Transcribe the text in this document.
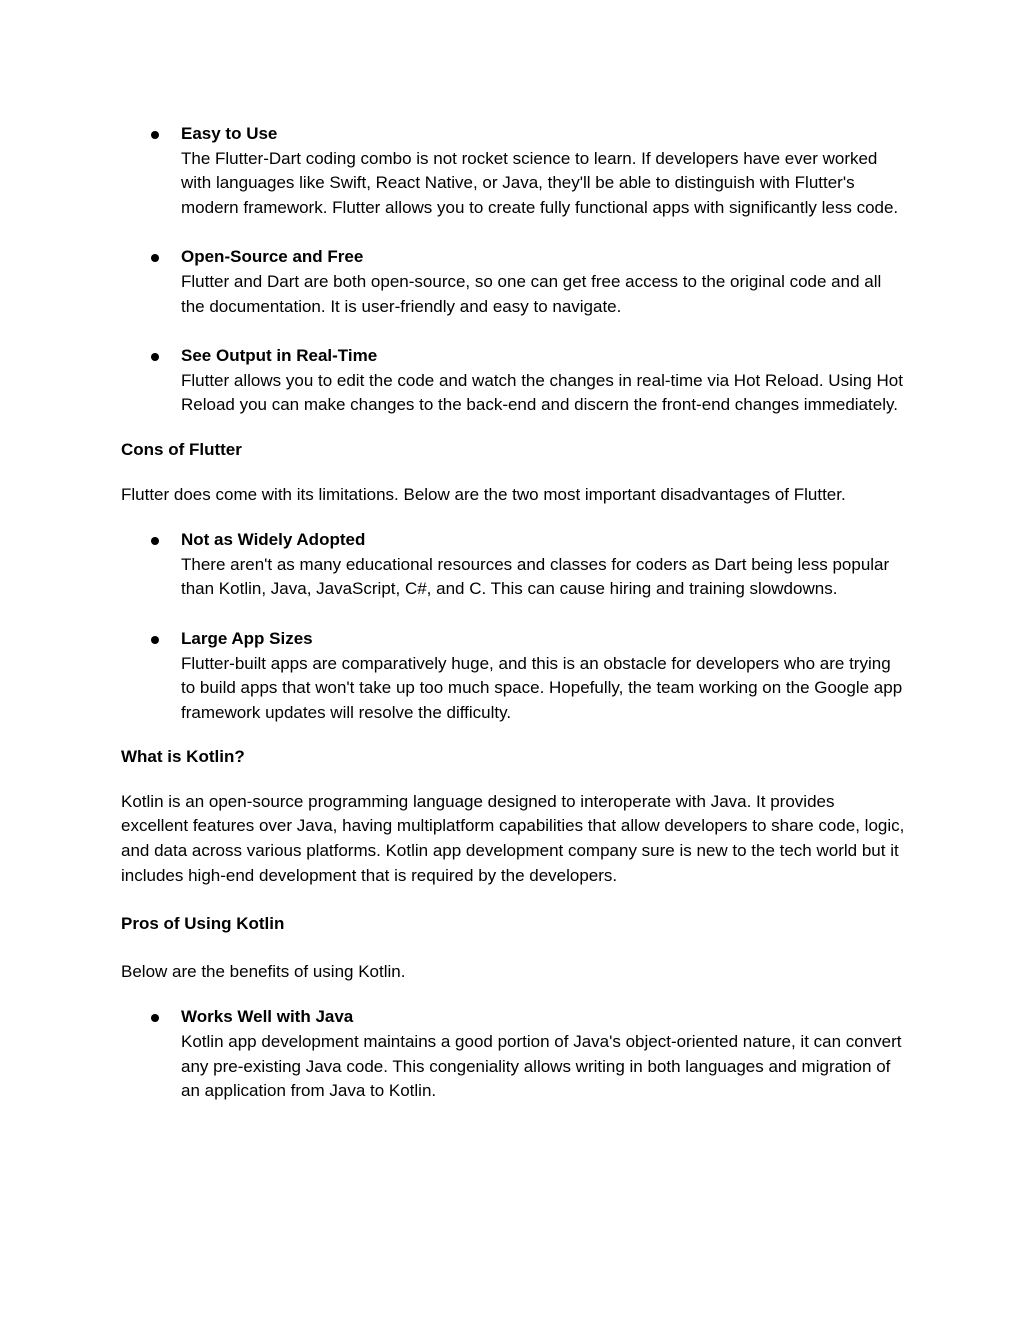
Easy to Use
The Flutter-Dart coding combo is not rocket science to learn. If developers have ever worked with languages like Swift, React Native, or Java, they'll be able to distinguish with Flutter's modern framework. Flutter allows you to create fully functional apps with significantly less code.
Open-Source and Free
Flutter and Dart are both open-source, so one can get free access to the original code and all the documentation. It is user-friendly and easy to navigate.
See Output in Real-Time
Flutter allows you to edit the code and watch the changes in real-time via Hot Reload. Using Hot Reload you can make changes to the back-end and discern the front-end changes immediately.
Cons of Flutter

Flutter does come with its limitations. Below are the two most important disadvantages of Flutter.

Not as Widely Adopted
There aren't as many educational resources and classes for coders as Dart being less popular than Kotlin, Java, JavaScript, C#, and C. This can cause hiring and training slowdowns.
Large App Sizes
Flutter-built apps are comparatively huge, and this is an obstacle for developers who are trying to build apps that won't take up too much space. Hopefully, the team working on the Google app framework updates will resolve the difficulty.
What is Kotlin?

Kotlin is an open-source programming language designed to interoperate with Java. It provides excellent features over Java, having multiplatform capabilities that allow developers to share code, logic, and data across various platforms. Kotlin app development company sure is new to the tech world but it includes high-end development that is required by the developers.

Pros of Using Kotlin

Below are the benefits of using Kotlin.

Works Well with Java
Kotlin app development maintains a good portion of Java's object-oriented nature, it can convert any pre-existing Java code. This congeniality allows writing in both languages and migration of an application from Java to Kotlin.
